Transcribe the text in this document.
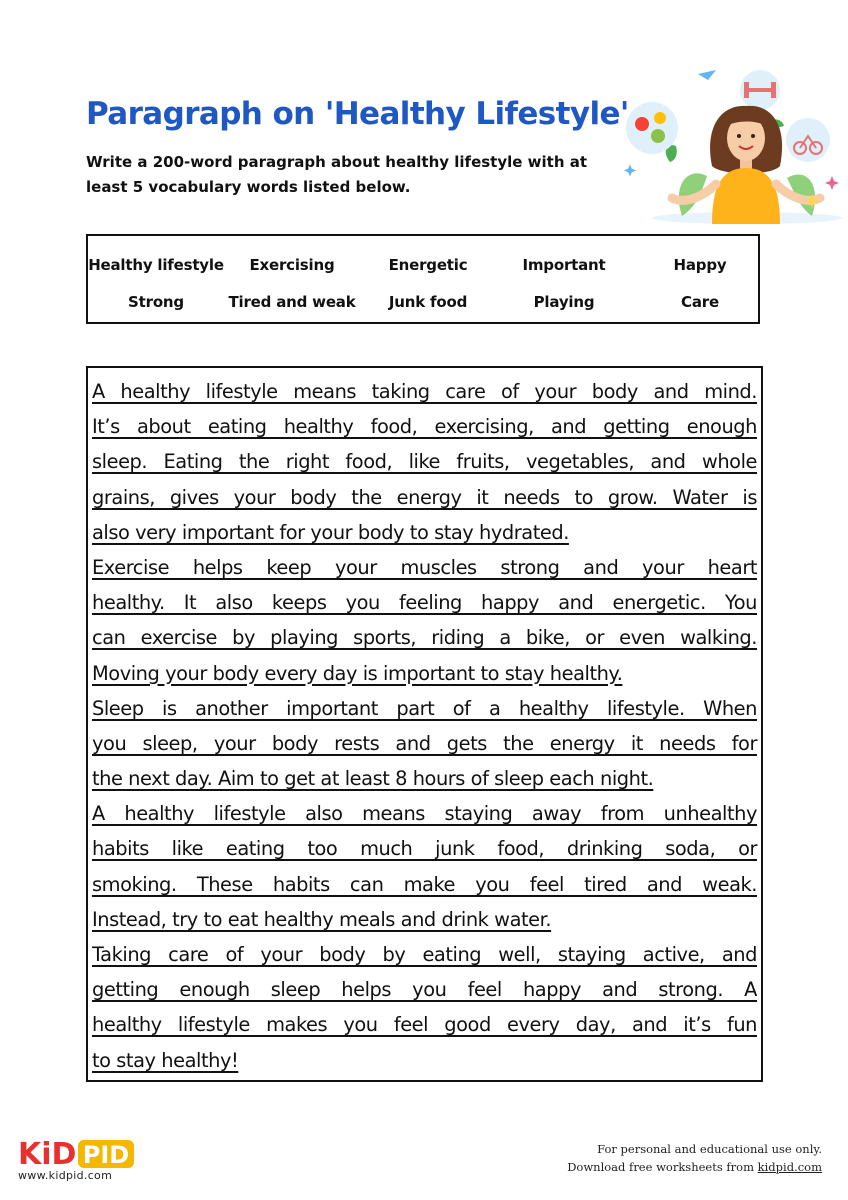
Paragraph on 'Healthy Lifestyle'
Write a 200-word paragraph about healthy lifestyle with at least 5 vocabulary words listed below.
Healthy lifestyle	Exercising	Energetic	Important	Happy
Strong	Tired and weak	Junk food	Playing	Care
A healthy lifestyle means taking care of your body and mind.
It’s about eating healthy food, exercising, and getting enough
sleep. Eating the right food, like fruits, vegetables, and whole
grains, gives your body the energy it needs to grow. Water is
also very important for your body to stay hydrated.
Exercise helps keep your muscles strong and your heart
healthy. It also keeps you feeling happy and energetic. You
can exercise by playing sports, riding a bike, or even walking.
Moving your body every day is important to stay healthy.
Sleep is another important part of a healthy lifestyle. When
you sleep, your body rests and gets the energy it needs for
the next day. Aim to get at least 8 hours of sleep each night.
A healthy lifestyle also means staying away from unhealthy
habits like eating too much junk food, drinking soda, or
smoking. These habits can make you feel tired and weak.
Instead, try to eat healthy meals and drink water.
Taking care of your body by eating well, staying active, and
getting enough sleep helps you feel happy and strong. A
healthy lifestyle makes you feel good every day, and it’s fun
to stay healthy!
KiD PID
www.kidpid.com
For personal and educational use only.
Download free worksheets from kidpid.com
